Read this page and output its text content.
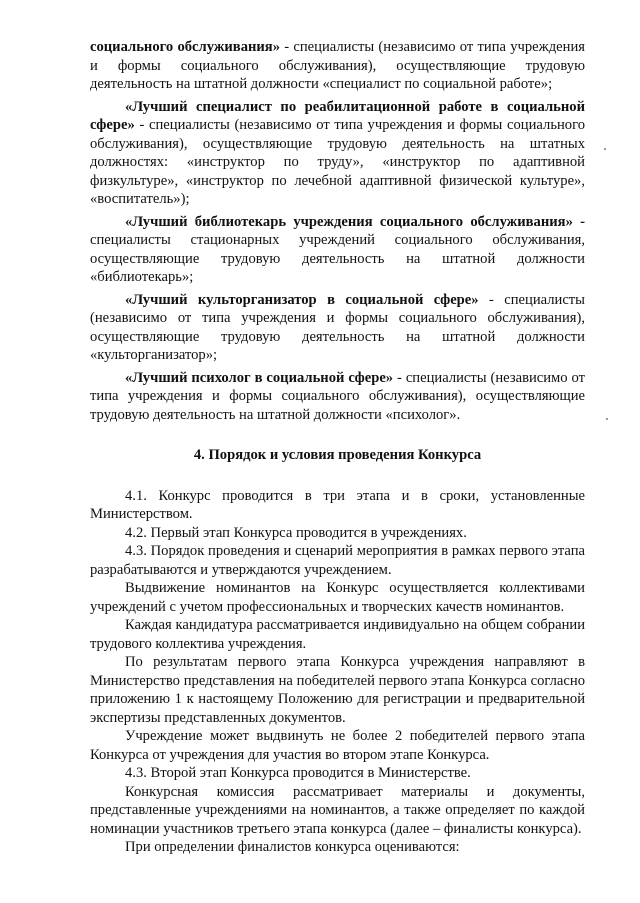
социального обслуживания» - специалисты (независимо от типа учреждения и формы социального обслуживания), осуществляющие трудовую деятельность на штатной должности «специалист по социальной работе»;

«Лучший специалист по реабилитационной работе в социальной сфере» - специалисты (независимо от типа учреждения и формы социального обслуживания), осуществляющие трудовую деятельность на штатных должностях: «инструктор по труду», «инструктор по адаптивной физкультуре», «инструктор по лечебной адаптивной физической культуре», «воспитатель»);

«Лучший библиотекарь учреждения социального обслуживания» - специалисты стационарных учреждений социального обслуживания, осуществляющие трудовую деятельность на штатной должности «библиотекарь»;

«Лучший культорганизатор в социальной сфере» - специалисты (независимо от типа учреждения и формы социального обслуживания), осуществляющие трудовую деятельность на штатной должности «культорганизатор»;

«Лучший психолог в социальной сфере» - специалисты (независимо от типа учреждения и формы социального обслуживания), осуществляющие трудовую деятельность на штатной должности «психолог».

4. Порядок и условия проведения Конкурса

4.1. Конкурс проводится в три этапа и в сроки, установленные Министерством.

4.2. Первый этап Конкурса проводится в учреждениях.

4.3. Порядок проведения и сценарий мероприятия в рамках первого этапа разрабатываются и утверждаются учреждением.

Выдвижение номинантов на Конкурс осуществляется коллективами учреждений с учетом профессиональных и творческих качеств номинантов.

Каждая кандидатура рассматривается индивидуально на общем собрании трудового коллектива учреждения.

По результатам первого этапа Конкурса учреждения направляют в Министерство представления на победителей первого этапа Конкурса согласно приложению 1 к настоящему Положению для регистрации и предварительной экспертизы представленных документов.

Учреждение может выдвинуть не более 2 победителей первого этапа Конкурса от учреждения для участия во втором этапе Конкурса.

4.3. Второй этап Конкурса проводится в Министерстве.

Конкурсная комиссия рассматривает материалы и документы, представленные учреждениями на номинантов, а также определяет по каждой номинации участников третьего этапа конкурса (далее – финалисты конкурса).

При определении финалистов конкурса оцениваются:
